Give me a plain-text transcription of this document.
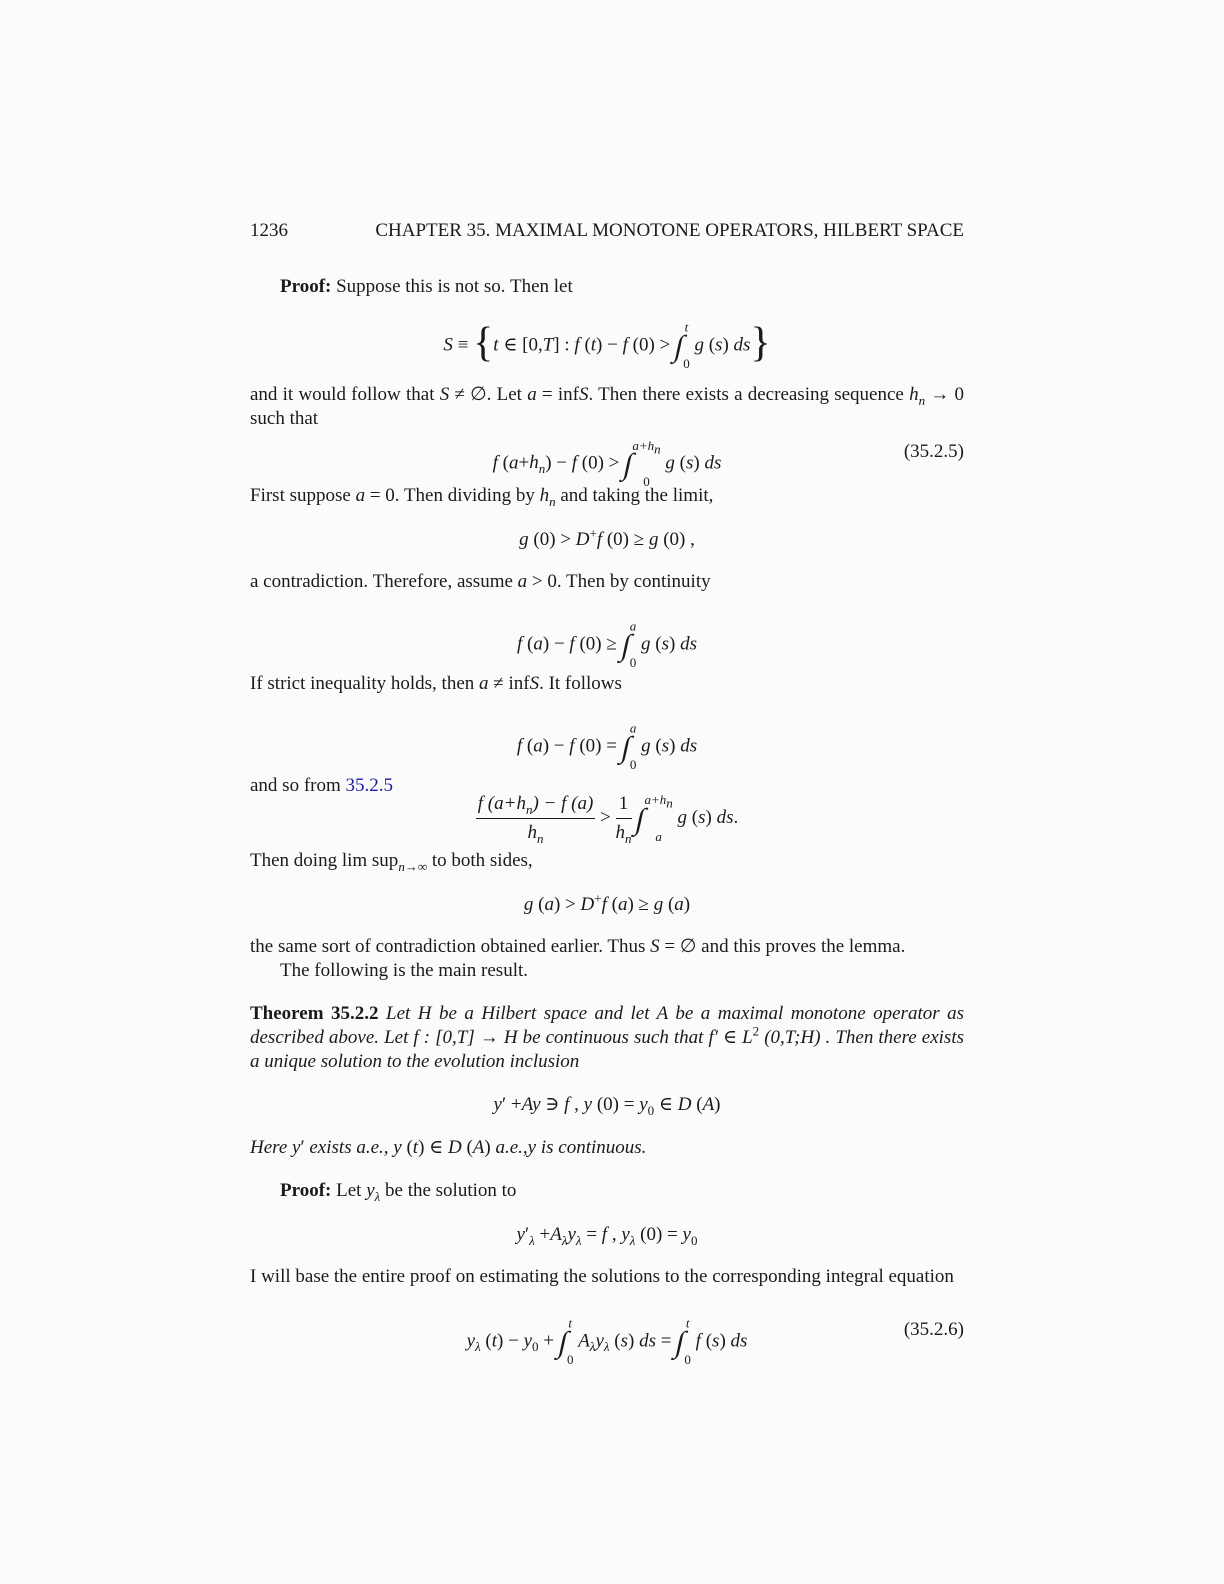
1236	CHAPTER 35. MAXIMAL MONOTONE OPERATORS, HILBERT SPACE
Proof: Suppose this is not so. Then let
S ≡ {t ∈ [0,T] : f (t) − f (0) > ∫$^t$
$_0$ g (s) ds}
and it would follow that S ≠ ∅. Let a = infS. Then there exists a decreasing sequence $h_n \to 0$ such that
f $(a+h_n) - f$ (0) > ∫$^{a+h_n}$
$_0$ g (s) ds
(35.2.5)
First suppose a = 0. Then dividing by $h_n$ and taking the limit,
g (0) > D+f (0) ≥ g (0) ,
a contradiction. Therefore, assume a > 0. Then by continuity
f (a) − f (0) ≥ ∫$^a$
$_0$ g (s) ds
If strict inequality holds, then a ≠ infS. It follows
f (a) − f (0) = ∫$^a$
$_0$ g (s) ds
and so from 35.2.5
$\frac{f (a+h_n) - f (a)}{h_n} > \frac{1}{h_n} \int^{a+h_n}$
$_a$ g (s) ds.
Then doing lim sup$_{n\to\infty}$ to both sides,
g (a) > D+f (a) ≥ g (a)
the same sort of contradiction obtained earlier. Thus S = ∅ and this proves the lemma.
The following is the main result.
Theorem 35.2.2 Let H be a Hilbert space and let A be a maximal monotone operator as described above. Let f : [0,T] → H be continuous such that f′ ∈ $L^2$ (0,T;H) . Then there exists a unique solution to the evolution inclusion
y′ +Ay ∋ f , y $(0) = y_0$ ∈ D (A)
Here y′ exists a.e., y (t) ∈ D (A) a.e.,y is continuous.
Proof: Let $y_\lambda$ be the solution to
$y'_\lambda +A_\lambda y_\lambda = f$ , $y_\lambda$ $(0) = y_0$
I will base the entire proof on estimating the solutions to the corresponding integral equation
$y_\lambda$ $(t) - y_0 + \int^t$
$_0$ $A_\lambda y_\lambda$ (s) ds = ∫$^t$
$_0$ f (s) ds
(35.2.6)
